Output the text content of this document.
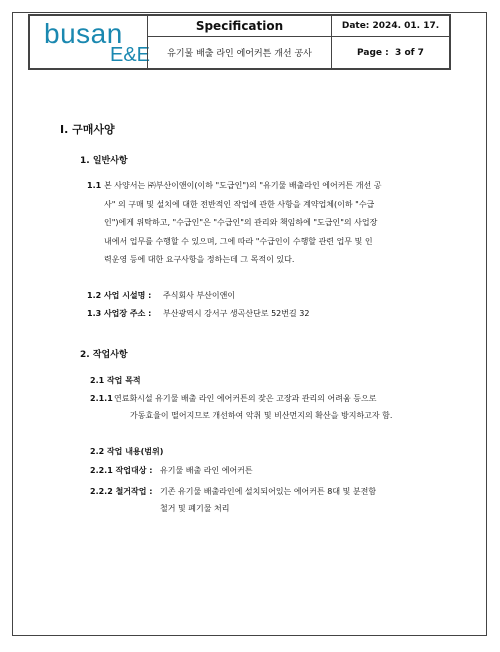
busan
E&E
Specification
유기물 배출 라인 에어커튼 개선 공사
Date: 2024. 01. 17.
Page :
3 of 7
Ⅰ. 구매사양
1. 일반사항
1.1 본 사양서는 ㈜부산이앤이(이하 "도급인")의 "유기물 배출라인 에어커튼 개선 공
사" 의 구매 및 설치에 대한 전반적인 작업에 관한 사항을 계약업체(이하 "수급
인")에게 위탁하고, "수급인"은 "수급인"의 관리와 책임하에 "도급인"의 사업장
내에서 업무를 수행할 수 있으며, 그에 따라 "수급인이 수행할 관련 업무 및 인
력운영 등에 대한 요구사항을 정하는데 그 목적이 있다.
1.2 사업 시설명 : 주식회사 부산이앤이
1.3 사업장 주소 : 부산광역시 강서구 생곡산단로 52번길 32
2. 작업사항
2.1 작업 목적
2.1.1 연료화시설 유기물 배출 라인 에어커튼의 잦은 고장과 관리의 어려움 등으로
가동효율이 떨어지므로 개선하여 악취 및 비산먼지의 확산을 방지하고자 함.
2.2 작업 내용(범위)
2.2.1 작업대상 : 유기물 배출 라인 에어커튼
2.2.2 철거작업 : 기존 유기물 배출라인에 설치되어있는 에어커튼 8대 및 분전함
철거 및 폐기물 처리
